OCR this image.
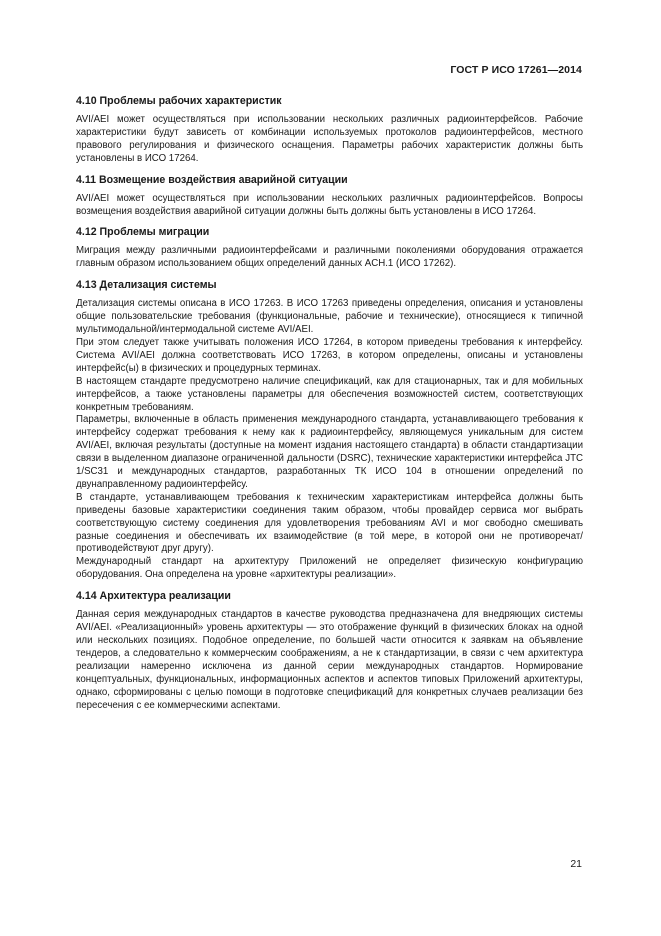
ГОСТ Р ИСО 17261—2014
4.10 Проблемы рабочих характеристик

AVI/AEI может осуществляться при использовании нескольких различных радиоинтерфейсов. Рабочие характеристики будут зависеть от комбинации используемых протоколов радиоинтерфейсов, местного правового регулирования и физического оснащения. Параметры рабочих характеристик должны быть установлены в ИСО 17264.

4.11 Возмещение воздействия аварийной ситуации

AVI/AEI может осуществляться при использовании нескольких различных радиоинтерфейсов. Вопросы возмещения воздействия аварийной ситуации должны быть должны быть установлены в ИСО 17264.

4.12 Проблемы миграции

Миграция между различными радиоинтерфейсами и различными поколениями оборудования отражается главным образом использованием общих определений данных ACH.1 (ИСО 17262).

4.13 Детализация системы

Детализация системы описана в ИСО 17263. В ИСО 17263 приведены определения, описания и установлены общие пользовательские требования (функциональные, рабочие и технические), относящиеся к типичной мультимодальной/интермодальной системе AVI/AEI.

При этом следует также учитывать положения ИСО 17264, в котором приведены требования к интерфейсу. Система AVI/AEI должна соответствовать ИСО 17263, в котором определены, описаны и установлены интерфейс(ы) в физических и процедурных терминах.

В настоящем стандарте предусмотрено наличие спецификаций, как для стационарных, так и для мобильных интерфейсов, а также установлены параметры для обеспечения возможностей систем, соответствующих конкретным требованиям.

Параметры, включенные в область применения международного стандарта, устанавливающего требования к интерфейсу содержат требования к нему как к радиоинтерфейсу, являющемуся уникальным для систем AVI/AEI, включая результаты (доступные на момент издания настоящего стандарта) в области стандартизации связи в выделенном диапазоне ограниченной дальности (DSRC), технические характеристики интерфейса JTC 1/SC31 и международных стандартов, разработанных ТК ИСО 104 в отношении определений по двунаправленному радиоинтерфейсу.

В стандарте, устанавливающем требования к техническим характеристикам интерфейса должны быть приведены базовые характеристики соединения таким образом, чтобы провайдер сервиса мог выбрать соответствующую систему соединения для удовлетворения требованиям AVI и мог свободно смешивать разные соединения и обеспечивать их взаимодействие (в той мере, в которой они не противоречат/противодействуют друг другу).

Международный стандарт на архитектуру Приложений не определяет физическую конфигурацию оборудования. Она определена на уровне «архитектуры реализации».

4.14 Архитектура реализации

Данная серия международных стандартов в качестве руководства предназначена для внедряющих системы AVI/AEI. «Реализационный» уровень архитектуры — это отображение функций в физических блоках на одной или нескольких позициях. Подобное определение, по большей части относится к заявкам на объявление тендеров, а следовательно к коммерческим соображениям, а не к стандартизации, в связи с чем архитектура реализации намеренно исключена из данной серии международных стандартов. Нормирование концептуальных, функциональных, информационных аспектов и аспектов типовых Приложений архитектуры, однако, сформированы с целью помощи в подготовке спецификаций для конкретных случаев реализации без пересечения с ее коммерческими аспектами.

21
